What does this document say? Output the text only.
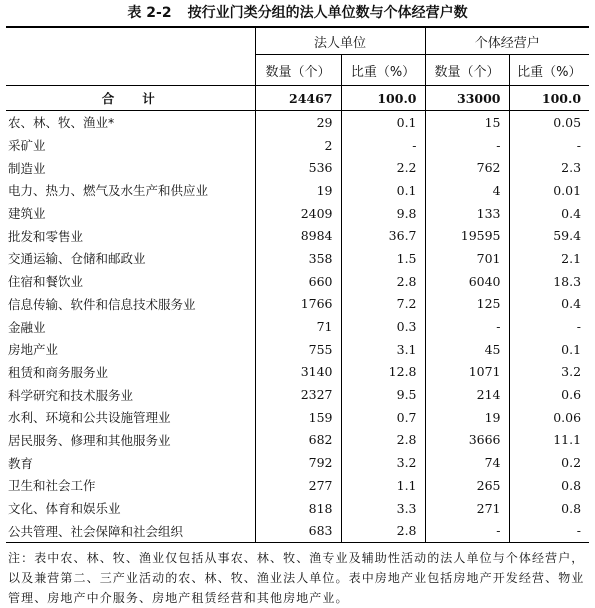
表 2-2 按行业门类分组的法人单位数与个体经营户数
	法人单位		个体经营户	
	数量（个）	比重（%）	数量（个）	比重（%）
合计	24467	100.0	33000	100.0
农、林、牧、渔业*	29	0.1	15	0.05
采矿业	2	-	-	-
制造业	536	2.2	762	2.3
电力、热力、燃气及水生产和供应业	19	0.1	4	0.01
建筑业	2409	9.8	133	0.4
批发和零售业	8984	36.7	19595	59.4
交通运输、仓储和邮政业	358	1.5	701	2.1
住宿和餐饮业	660	2.8	6040	18.3
信息传输、软件和信息技术服务业	1766	7.2	125	0.4
金融业	71	0.3	-	-
房地产业	755	3.1	45	0.1
租赁和商务服务业	3140	12.8	1071	3.2
科学研究和技术服务业	2327	9.5	214	0.6
水利、环境和公共设施管理业	159	0.7	19	0.06
居民服务、修理和其他服务业	682	2.8	3666	11.1
教育	792	3.2	74	0.2
卫生和社会工作	277	1.1	265	0.8
文化、体育和娱乐业	818	3.3	271	0.8
公共管理、社会保障和社会组织	683	2.8	-	-
注：表中农、林、牧、渔业仅包括从事农、林、牧、渔专业及辅助性活动的法人单位与个体经营户，以及兼营第二、三产业活动的农、林、牧、渔业法人单位。表中房地产业包括房地产开发经营、物业管理、房地产中介服务、房地产租赁经营和其他房地产业。
